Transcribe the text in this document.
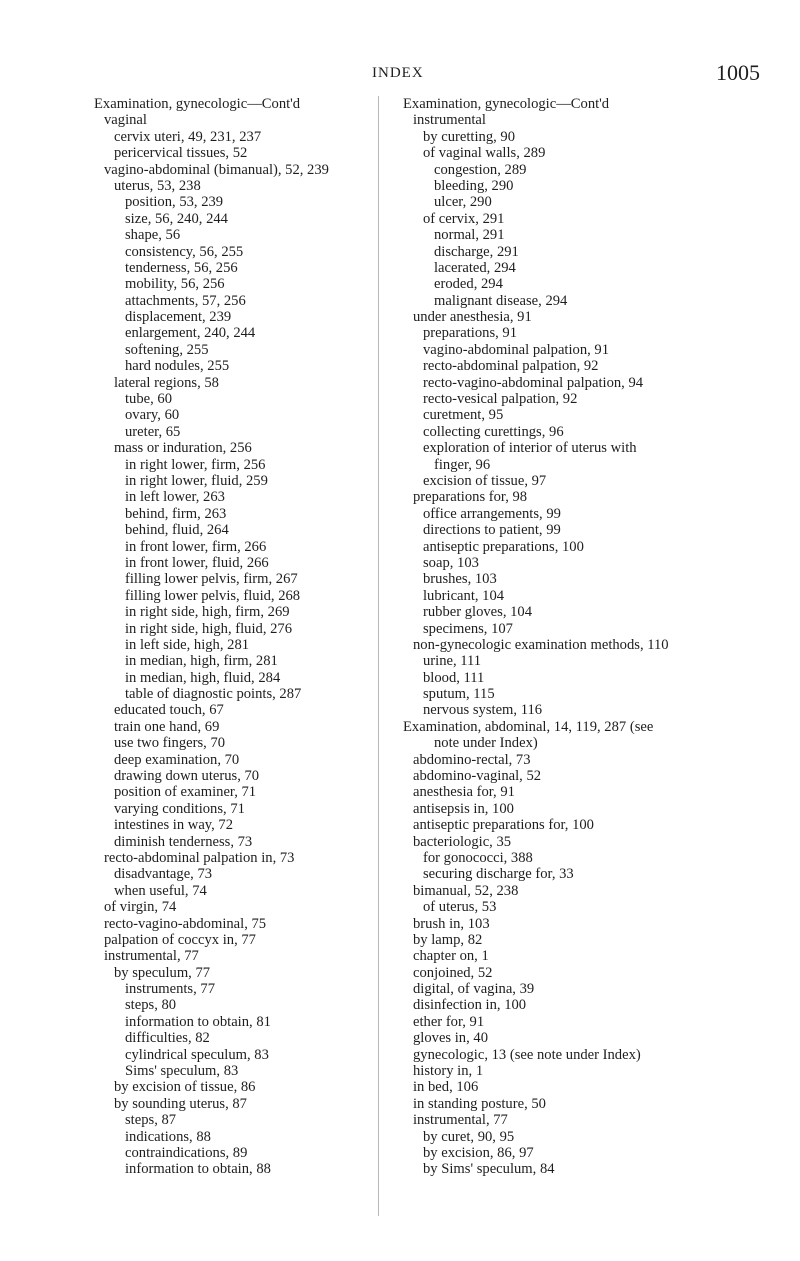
INDEX	1005
Examination, gynecologic—Cont'd
vaginal
cervix uteri, 49, 231, 237
pericervical tissues, 52
vagino-abdominal (bimanual), 52, 239
uterus, 53, 238
position, 53, 239
size, 56, 240, 244
shape, 56
consistency, 56, 255
tenderness, 56, 256
mobility, 56, 256
attachments, 57, 256
displacement, 239
enlargement, 240, 244
softening, 255
hard nodules, 255
lateral regions, 58
tube, 60
ovary, 60
ureter, 65
mass or induration, 256
in right lower, firm, 256
in right lower, fluid, 259
in left lower, 263
behind, firm, 263
behind, fluid, 264
in front lower, firm, 266
in front lower, fluid, 266
filling lower pelvis, firm, 267
filling lower pelvis, fluid, 268
in right side, high, firm, 269
in right side, high, fluid, 276
in left side, high, 281
in median, high, firm, 281
in median, high, fluid, 284
table of diagnostic points, 287
educated touch, 67
train one hand, 69
use two fingers, 70
deep examination, 70
drawing down uterus, 70
position of examiner, 71
varying conditions, 71
intestines in way, 72
diminish tenderness, 73
recto-abdominal palpation in, 73
disadvantage, 73
when useful, 74
of virgin, 74
recto-vagino-abdominal, 75
palpation of coccyx in, 77
instrumental, 77
by speculum, 77
instruments, 77
steps, 80
information to obtain, 81
difficulties, 82
cylindrical speculum, 83
Sims' speculum, 83
by excision of tissue, 86
by sounding uterus, 87
steps, 87
indications, 88
contraindications, 89
information to obtain, 88
Examination, gynecologic—Cont'd
instrumental
by curetting, 90
of vaginal walls, 289
congestion, 289
bleeding, 290
ulcer, 290
of cervix, 291
normal, 291
discharge, 291
lacerated, 294
eroded, 294
malignant disease, 294
under anesthesia, 91
preparations, 91
vagino-abdominal palpation, 91
recto-abdominal palpation, 92
recto-vagino-abdominal palpation, 94
recto-vesical palpation, 92
curetment, 95
collecting curettings, 96
exploration of interior of uterus with
finger, 96
excision of tissue, 97
preparations for, 98
office arrangements, 99
directions to patient, 99
antiseptic preparations, 100
soap, 103
brushes, 103
lubricant, 104
rubber gloves, 104
specimens, 107
non-gynecologic examination methods, 110
urine, 111
blood, 111
sputum, 115
nervous system, 116
Examination, abdominal, 14, 119, 287 (see
note under Index)
abdomino-rectal, 73
abdomino-vaginal, 52
anesthesia for, 91
antisepsis in, 100
antiseptic preparations for, 100
bacteriologic, 35
for gonococci, 388
securing discharge for, 33
bimanual, 52, 238
of uterus, 53
brush in, 103
by lamp, 82
chapter on, 1
conjoined, 52
digital, of vagina, 39
disinfection in, 100
ether for, 91
gloves in, 40
gynecologic, 13 (see note under Index)
history in, 1
in bed, 106
in standing posture, 50
instrumental, 77
by curet, 90, 95
by excision, 86, 97
by Sims' speculum, 84
